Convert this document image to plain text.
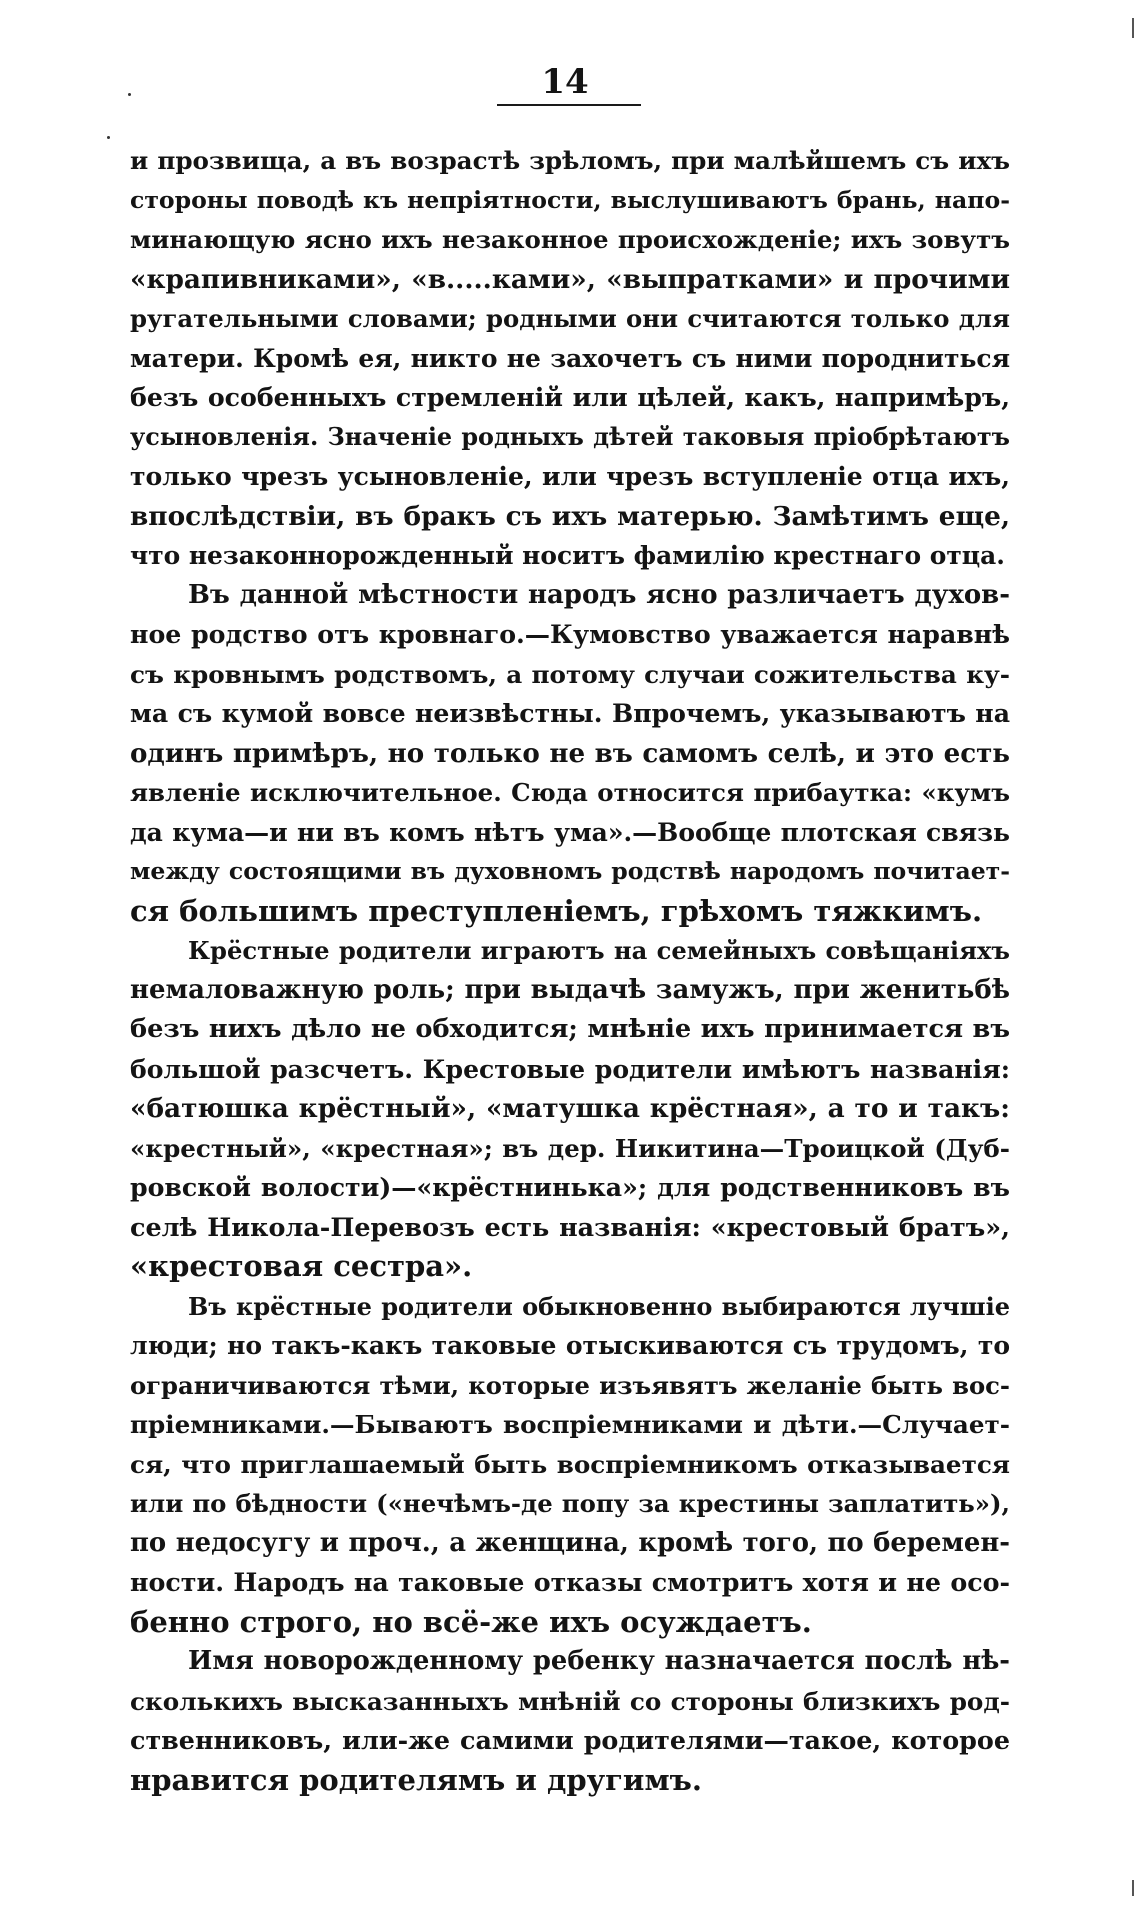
14
и прозвища, а въ возрастѣ зрѣломъ, при малѣйшемъ съ ихъ
стороны поводѣ къ непріятности, выслушиваютъ брань, напо-
минающую ясно ихъ незаконное происхожденіе; ихъ зовутъ
«крапивниками», «в.....ками», «выпратками» и прочими
ругательными словами; родными они считаются только для
матери. Кромѣ ея, никто не захочетъ съ ними породниться
безъ особенныхъ стремленій или цѣлей, какъ, напримѣръ,
усыновленія. Значеніе родныхъ дѣтей таковыя пріобрѣтаютъ
только чрезъ усыновленіе, или чрезъ вступленіе отца ихъ,
впослѣдствіи, въ бракъ съ ихъ матерью. Замѣтимъ еще,
что незаконнорожденный носитъ фамилію крестнаго отца.
Въ данной мѣстности народъ ясно различаетъ духов-
ное родство отъ кровнаго.—Кумовство уважается наравнѣ
съ кровнымъ родствомъ, а потому случаи сожительства ку-
ма съ кумой вовсе неизвѣстны. Впрочемъ, указываютъ на
одинъ примѣръ, но только не въ самомъ селѣ, и это есть
явленіе исключительное. Сюда относится прибаутка: «кумъ
да кума—и ни въ комъ нѣтъ ума».—Вообще плотская связь
между состоящими въ духовномъ родствѣ народомъ почитает-
ся большимъ преступленіемъ, грѣхомъ тяжкимъ.
Крёстные родители играютъ на семейныхъ совѣщаніяхъ
немаловажную роль; при выдачѣ замужъ, при женитьбѣ
безъ нихъ дѣло не обходится; мнѣніе ихъ принимается въ
большой разсчетъ. Крестовые родители имѣютъ названія:
«батюшка крёстный», «матушка крёстная», а то и такъ:
«крестный», «крестная»; въ дер. Никитина—Троицкой (Дуб-
ровской волости)—«крёстнинька»; для родственниковъ въ
селѣ Никола-Перевозъ есть названія: «крестовый братъ»,
«крестовая сестра».
Въ крёстные родители обыкновенно выбираются лучшіе
люди; но такъ-какъ таковые отыскиваются съ трудомъ, то
ограничиваются тѣми, которые изъявятъ желаніе быть вос-
пріемниками.—Бываютъ воспріемниками и дѣти.—Случает-
ся, что приглашаемый быть воспріемникомъ отказывается
или по бѣдности («нечѣмъ-де попу за крестины заплатить»),
по недосугу и проч., а женщина, кромѣ того, по беремен-
ности. Народъ на таковые отказы смотритъ хотя и не осо-
бенно строго, но всё-же ихъ осуждаетъ.
Имя новорожденному ребенку назначается послѣ нѣ-
сколькихъ высказанныхъ мнѣній со стороны близкихъ род-
ственниковъ, или-же самими родителями—такое, которое
нравится родителямъ и другимъ.
